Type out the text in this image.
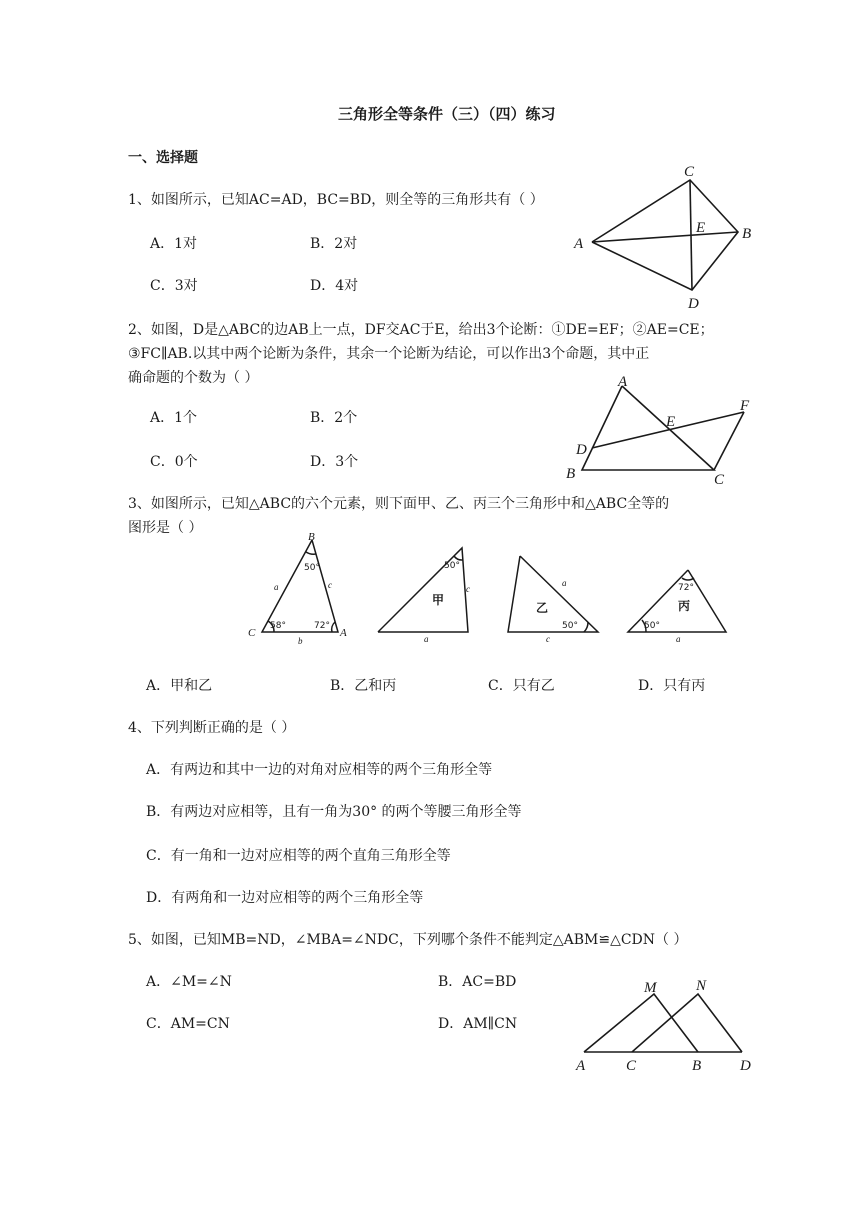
三角形全等条件（三）（四）练习
一、选择题
1、如图所示，已知AC=AD，BC=BD，则全等的三角形共有（ ）
A．1对	B．2对
C．3对	D．4对
C
E B
A
D
2、如图，D是△ABC的边AB上一点，DF交AC于E，给出3个论断：①DE=EF；②AE=CE；
③FC∥AB.以其中两个论断为条件，其余一个论断为结论，可以作出3个命题，其中正
确命题的个数为（ ）
A．1个	B．2个
C．0个	D．3个
A
F
E
D
B	C
3、如图所示，已知△ABC的六个元素，则下面甲、乙、丙三个三角形中和△ABC全等的
图形是（ ）
B
50°
a	c
C
58°	72°
A
b
50°
甲
c
a
a
乙
50°
c
72°
丙
50°
a
A．甲和乙	B．乙和丙	C．只有乙	D．只有丙
4、下列判断正确的是（ ）
A．有两边和其中一边的对角对应相等的两个三角形全等
B．有两边对应相等，且有一角为30° 的两个等腰三角形全等
C．有一角和一边对应相等的两个直角三角形全等
D．有两角和一边对应相等的两个三角形全等
5、如图，已知MB=ND，∠MBA=∠NDC，下列哪个条件不能判定△ABM≌△CDN（ ）
A．∠M=∠N	B．AC=BD
C．AM=CN	D．AM∥CN
M	N
A	C	B	D
